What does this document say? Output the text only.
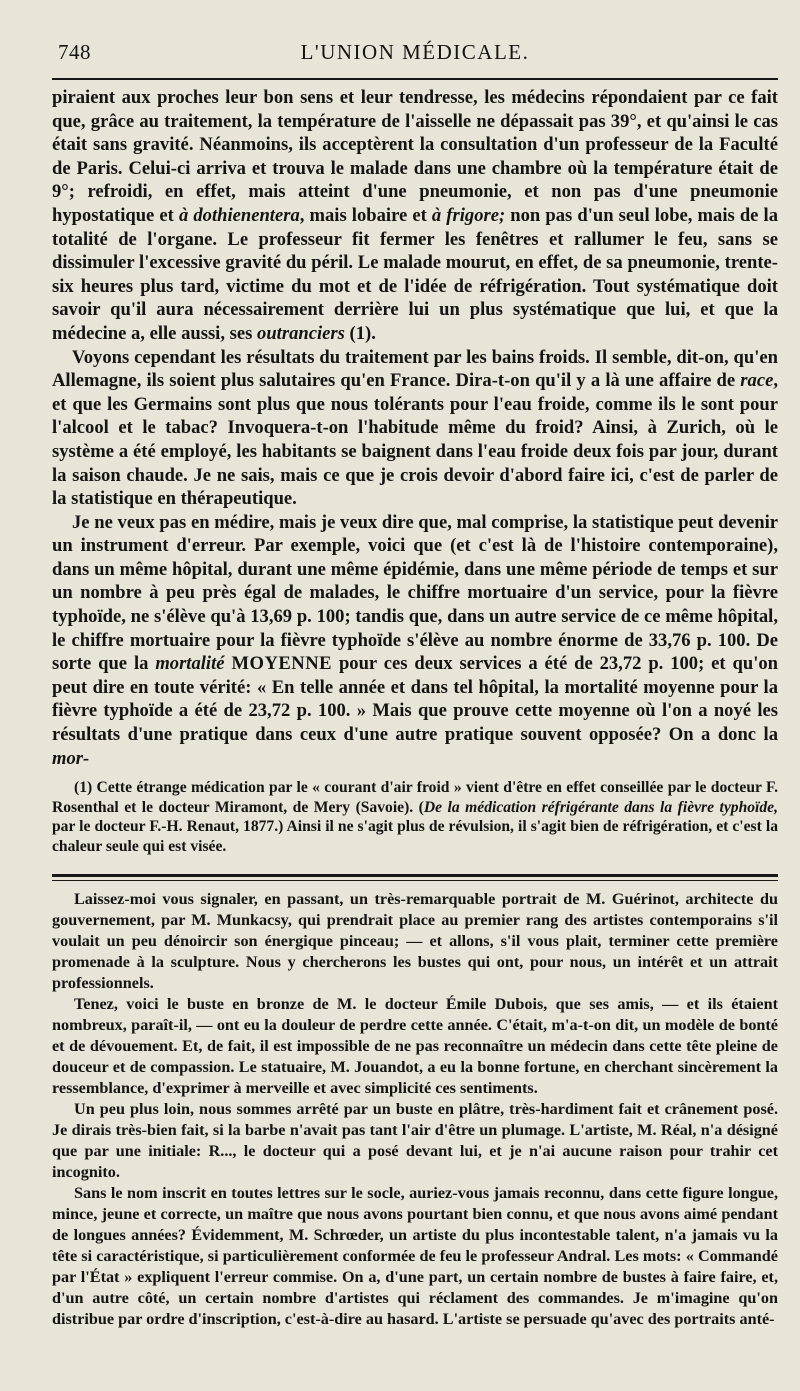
748	L'UNION MÉDICALE.

piraient aux proches leur bon sens et leur tendresse, les médecins répondaient par ce fait que, grâce au traitement, la température de l'aisselle ne dépassait pas 39°, et qu'ainsi le cas était sans gravité. Néanmoins, ils acceptèrent la consultation d'un professeur de la Faculté de Paris. Celui-ci arriva et trouva le malade dans une chambre où la température était de 9°; refroidi, en effet, mais atteint d'une pneumonie, et non pas d'une pneumonie hypostatique et à dothienentera, mais lobaire et à frigore; non pas d'un seul lobe, mais de la totalité de l'organe. Le professeur fit fermer les fenêtres et rallumer le feu, sans se dissimuler l'excessive gravité du péril. Le malade mourut, en effet, de sa pneumonie, trente-six heures plus tard, victime du mot et de l'idée de réfrigération. Tout systématique doit savoir qu'il aura nécessairement derrière lui un plus systématique que lui, et que la médecine a, elle aussi, ses outranciers (1).

Voyons cependant les résultats du traitement par les bains froids. Il semble, dit-on, qu'en Allemagne, ils soient plus salutaires qu'en France. Dira-t-on qu'il y a là une affaire de race, et que les Germains sont plus que nous tolérants pour l'eau froide, comme ils le sont pour l'alcool et le tabac? Invoquera-t-on l'habitude même du froid? Ainsi, à Zurich, où le système a été employé, les habitants se baignent dans l'eau froide deux fois par jour, durant la saison chaude. Je ne sais, mais ce que je crois devoir d'abord faire ici, c'est de parler de la statistique en thérapeutique.

Je ne veux pas en médire, mais je veux dire que, mal comprise, la statistique peut devenir un instrument d'erreur. Par exemple, voici que (et c'est là de l'histoire contemporaine), dans un même hôpital, durant une même épidémie, dans une même période de temps et sur un nombre à peu près égal de malades, le chiffre mortuaire d'un service, pour la fièvre typhoïde, ne s'élève qu'à 13,69 p. 100; tandis que, dans un autre service de ce même hôpital, le chiffre mortuaire pour la fièvre typhoïde s'élève au nombre énorme de 33,76 p. 100. De sorte que la mortalité MOYENNE pour ces deux services a été de 23,72 p. 100; et qu'on peut dire en toute vérité: « En telle année et dans tel hôpital, la mortalité moyenne pour la fièvre typhoïde a été de 23,72 p. 100. » Mais que prouve cette moyenne où l'on a noyé les résultats d'une pratique dans ceux d'une autre pratique souvent opposée? On a donc la mor-

(1) Cette étrange médication par le « courant d'air froid » vient d'être en effet conseillée par le docteur F. Rosenthal et le docteur Miramont, de Mery (Savoie). (De la médication réfrigérante dans la fièvre typhoïde, par le docteur F.-H. Renaut, 1877.) Ainsi il ne s'agit plus de révulsion, il s'agit bien de réfrigération, et c'est la chaleur seule qui est visée.

Laissez-moi vous signaler, en passant, un très-remarquable portrait de M. Guérinot, architecte du gouvernement, par M. Munkacsy, qui prendrait place au premier rang des artistes contemporains s'il voulait un peu dénoircir son énergique pinceau; — et allons, s'il vous plait, terminer cette première promenade à la sculpture. Nous y chercherons les bustes qui ont, pour nous, un intérêt et un attrait professionnels.

Tenez, voici le buste en bronze de M. le docteur Émile Dubois, que ses amis, — et ils étaient nombreux, paraît-il, — ont eu la douleur de perdre cette année. C'était, m'a-t-on dit, un modèle de bonté et de dévouement. Et, de fait, il est impossible de ne pas reconnaître un médecin dans cette tête pleine de douceur et de compassion. Le statuaire, M. Jouandot, a eu la bonne fortune, en cherchant sincèrement la ressemblance, d'exprimer à merveille et avec simplicité ces sentiments.

Un peu plus loin, nous sommes arrêté par un buste en plâtre, très-hardiment fait et crânement posé. Je dirais très-bien fait, si la barbe n'avait pas tant l'air d'être un plumage. L'artiste, M. Réal, n'a désigné que par une initiale: R..., le docteur qui a posé devant lui, et je n'ai aucune raison pour trahir cet incognito.

Sans le nom inscrit en toutes lettres sur le socle, auriez-vous jamais reconnu, dans cette figure longue, mince, jeune et correcte, un maître que nous avons pourtant bien connu, et que nous avons aimé pendant de longues années? Évidemment, M. Schrœder, un artiste du plus incontestable talent, n'a jamais vu la tête si caractéristique, si particulièrement conformée de feu le professeur Andral. Les mots: « Commandé par l'État » expliquent l'erreur commise. On a, d'une part, un certain nombre de bustes à faire faire, et, d'un autre côté, un certain nombre d'artistes qui réclament des commandes. Je m'imagine qu'on distribue par ordre d'inscription, c'est-à-dire au hasard. L'artiste se persuade qu'avec des portraits anté-
